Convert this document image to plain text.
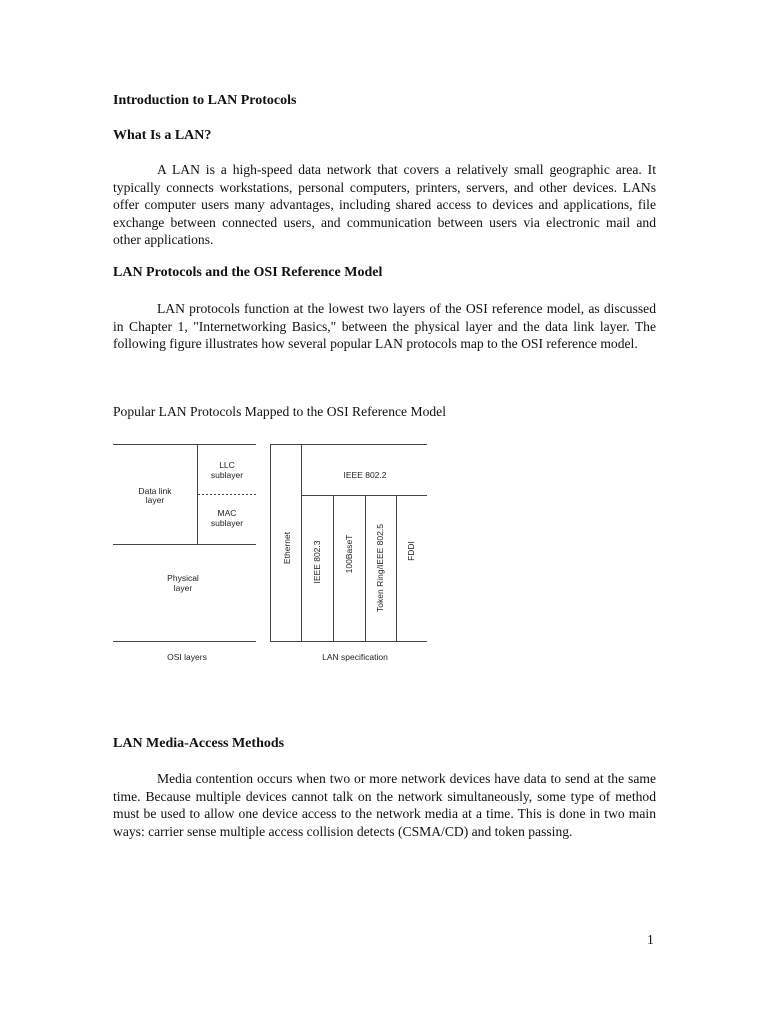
Introduction to LAN Protocols
What Is a LAN?

A LAN is a high-speed data network that covers a relatively small geographic area. It typically connects workstations, personal computers, printers, servers, and other devices. LANs offer computer users many advantages, including shared access to devices and applications, file exchange between connected users, and communication between users via electronic mail and other applications.

LAN Protocols and the OSI Reference Model

LAN protocols function at the lowest two layers of the OSI reference model, as discussed in Chapter 1, "Internetworking Basics," between the physical layer and the data link layer. The following figure illustrates how several popular LAN protocols map to the OSI reference model.

Popular LAN Protocols Mapped to the OSI Reference Model
Data link
layer
LLC
sublayer
MAC
sublayer
Physical
layer
OSI layers
IEEE 802.2
Ethernet IEEE 802.3	100BaseT Token Ring/IEEE 802.5 FDDI
LAN specification
LAN Media-Access Methods

Media contention occurs when two or more network devices have data to send at the same time. Because multiple devices cannot talk on the network simultaneously, some type of method must be used to allow one device access to the network media at a time. This is done in two main ways: carrier sense multiple access collision detects (CSMA/CD) and token passing.

1
